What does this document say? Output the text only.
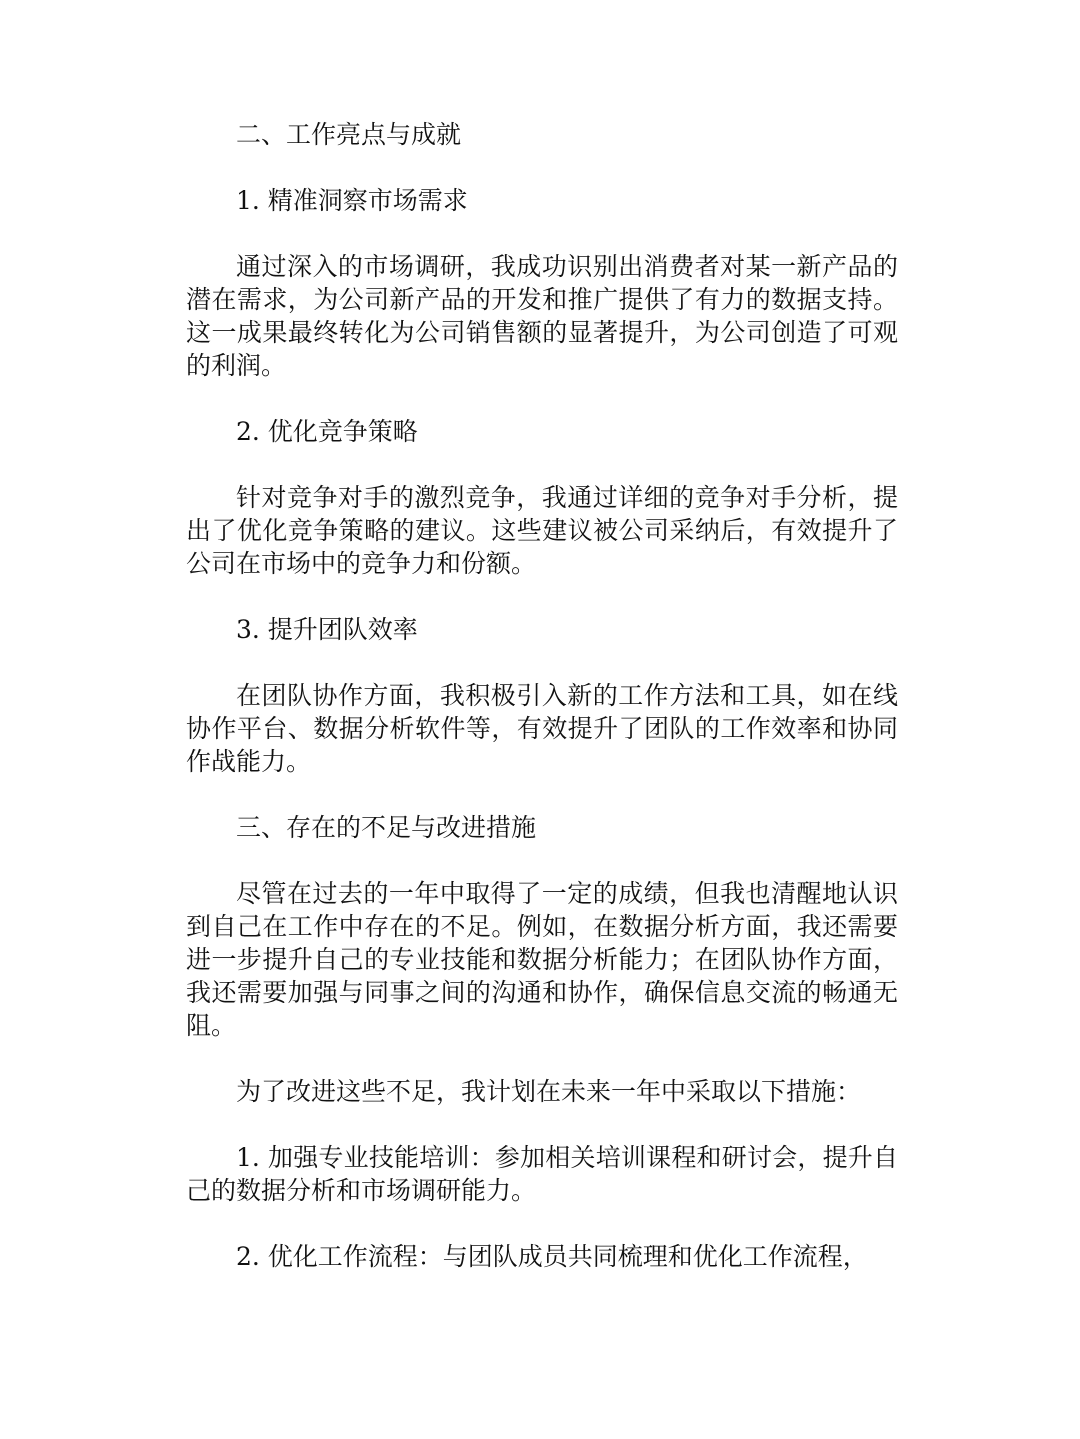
二、工作亮点与成就

1. 精准洞察市场需求

通过深入的市场调研，我成功识别出消费者对某一新产品的潜在需求，为公司新产品的开发和推广提供了有力的数据支持。这一成果最终转化为公司销售额的显著提升，为公司创造了可观的利润。

2. 优化竞争策略

针对竞争对手的激烈竞争，我通过详细的竞争对手分析，提出了优化竞争策略的建议。这些建议被公司采纳后，有效提升了公司在市场中的竞争力和份额。

3. 提升团队效率

在团队协作方面，我积极引入新的工作方法和工具，如在线协作平台、数据分析软件等，有效提升了团队的工作效率和协同作战能力。

三、存在的不足与改进措施

尽管在过去的一年中取得了一定的成绩，但我也清醒地认识到自己在工作中存在的不足。例如，在数据分析方面，我还需要进一步提升自己的专业技能和数据分析能力；在团队协作方面，我还需要加强与同事之间的沟通和协作，确保信息交流的畅通无阻。

为了改进这些不足，我计划在未来一年中采取以下措施：

1. 加强专业技能培训：参加相关培训课程和研讨会，提升自己的数据分析和市场调研能力。

2. 优化工作流程：与团队成员共同梳理和优化工作流程，
